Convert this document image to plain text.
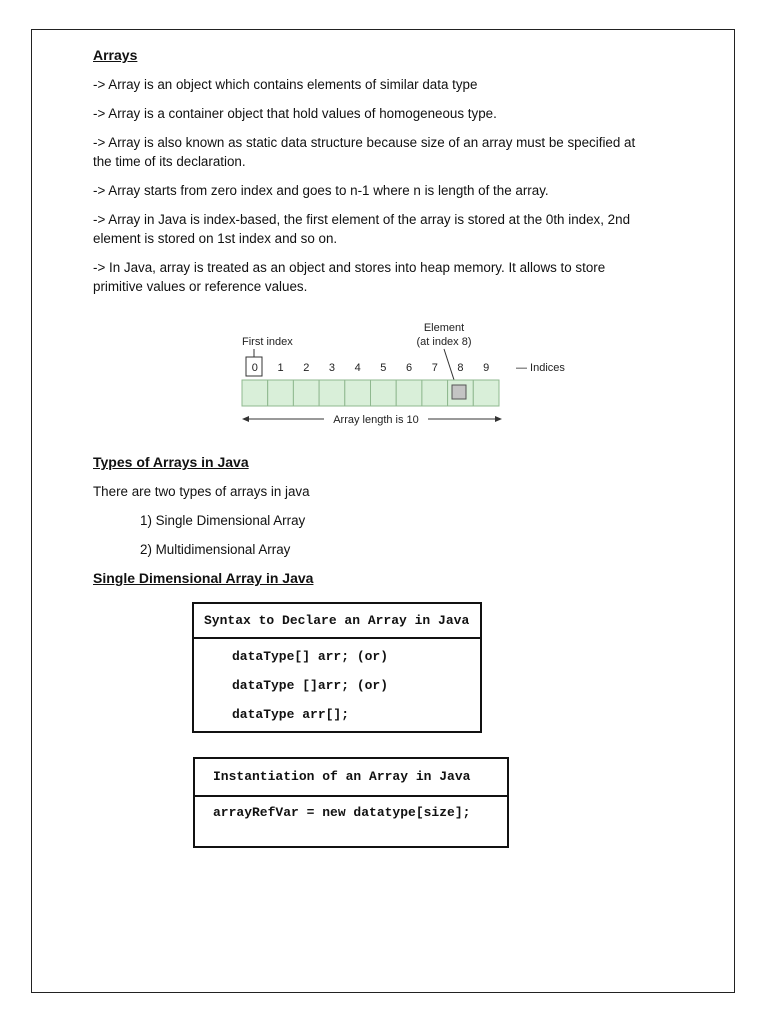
Arrays

-> Array is an object which contains elements of similar data type

-> Array is a container object that hold values of homogeneous type.

-> Array is also known as static data structure because size of an array must be specified at
the time of its declaration.

-> Array starts from zero index and goes to n-1 where n is length of the array.

-> Array in Java is index-based, the first element of the array is stored at the 0th index, 2nd
element is stored on 1st index and so on.

-> In Java, array is treated as an object and stores into heap memory. It allows to store
primitive values or reference values.

First index
Element
(at index 8)
0 1 2 3 4 5 6 7 8 9 — Indices
Array length is 10

Types of Arrays in Java

There are two types of arrays in java

1) Single Dimensional Array
2) Multidimensional Array

Single Dimensional Array in Java

Syntax to Declare an Array in Java
dataType[] arr; (or)
dataType []arr; (or)
dataType arr[];
Instantiation of an Array in Java
arrayRefVar = new datatype[size];
